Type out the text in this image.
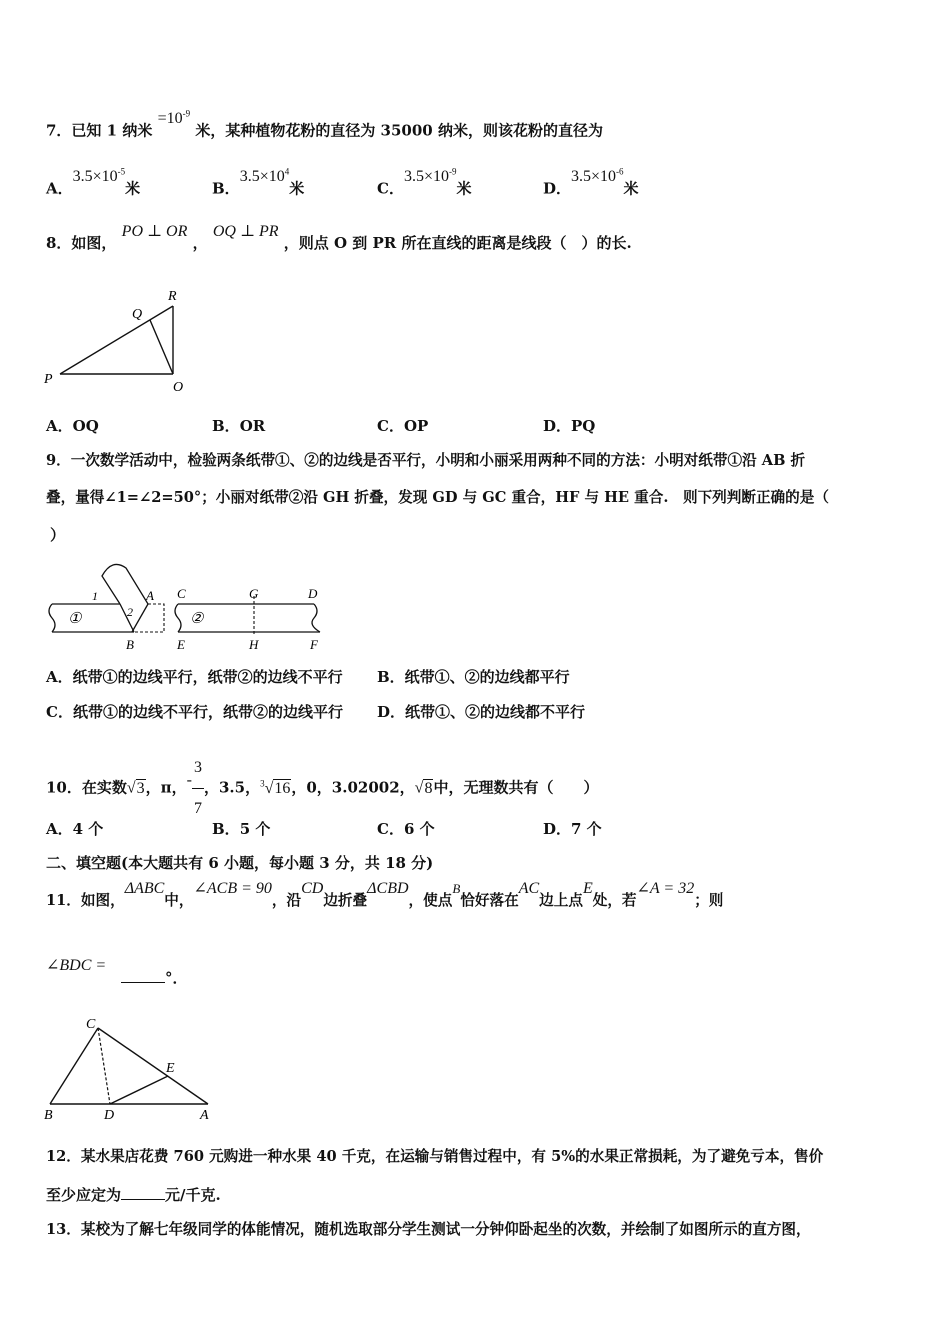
7．已知 1 纳米 $=10^{-9}$ 米，某种植物花粉的直径为 35000 纳米，则该花粉的直径为
A．$3.5\times 10^{-5}$米	B．$3.5\times 10^4$米	C．$3.5\times 10^{-9}$米	D．$3.5\times 10^{-6}$米
8．如图， PO ⊥ OR ， OQ ⊥ PR ，则点 O 到 PR 所在直线的距离是线段（　）的长.
R
Q
P
O
A．OQ	B．OR	C．OP	D．PQ
9．一次数学活动中，检验两条纸带①、②的边线是否平行，小明和小丽采用两种不同的方法：小明对纸带①沿 AB 折
叠，量得∠1=∠2=50°；小丽对纸带②沿 GH 折叠，发现 GD 与 GC 重合，HF 与 HE 重合.　则下列判断正确的是（
）
1
2
A
B
①
C	G	D
E	H	F
②
A．纸带①的边线平行，纸带②的边线不平行 B．纸带①、②的边线都平行
C．纸带①的边线不平行，纸带②的边线平行 D．纸带①、②的边线都不平行
10．在实数√3，π，- $\frac{3}{7}$ ，3.5，$^3$√16，0，3.02002，√8中，无理数共有（　　）
A．4 个	B．5 个	C．6 个	D．7 个
二、填空题(本大题共有 6 小题，每小题 3 分，共 18 分)
11．如图，ΔABC中，∠ACB = 90，沿CD边折叠ΔCBD，使点B恰好落在AC边上点E处，若∠A = 32；则
∠BDC =
°．
C
E
B	D	A
12．某水果店花费 760 元购进一种水果 40 千克，在运输与销售过程中，有 5%的水果正常损耗，为了避免亏本，售价
至少应定为	元/千克.
13．某校为了解七年级同学的体能情况，随机选取部分学生测试一分钟仰卧起坐的次数，并绘制了如图所示的直方图，
